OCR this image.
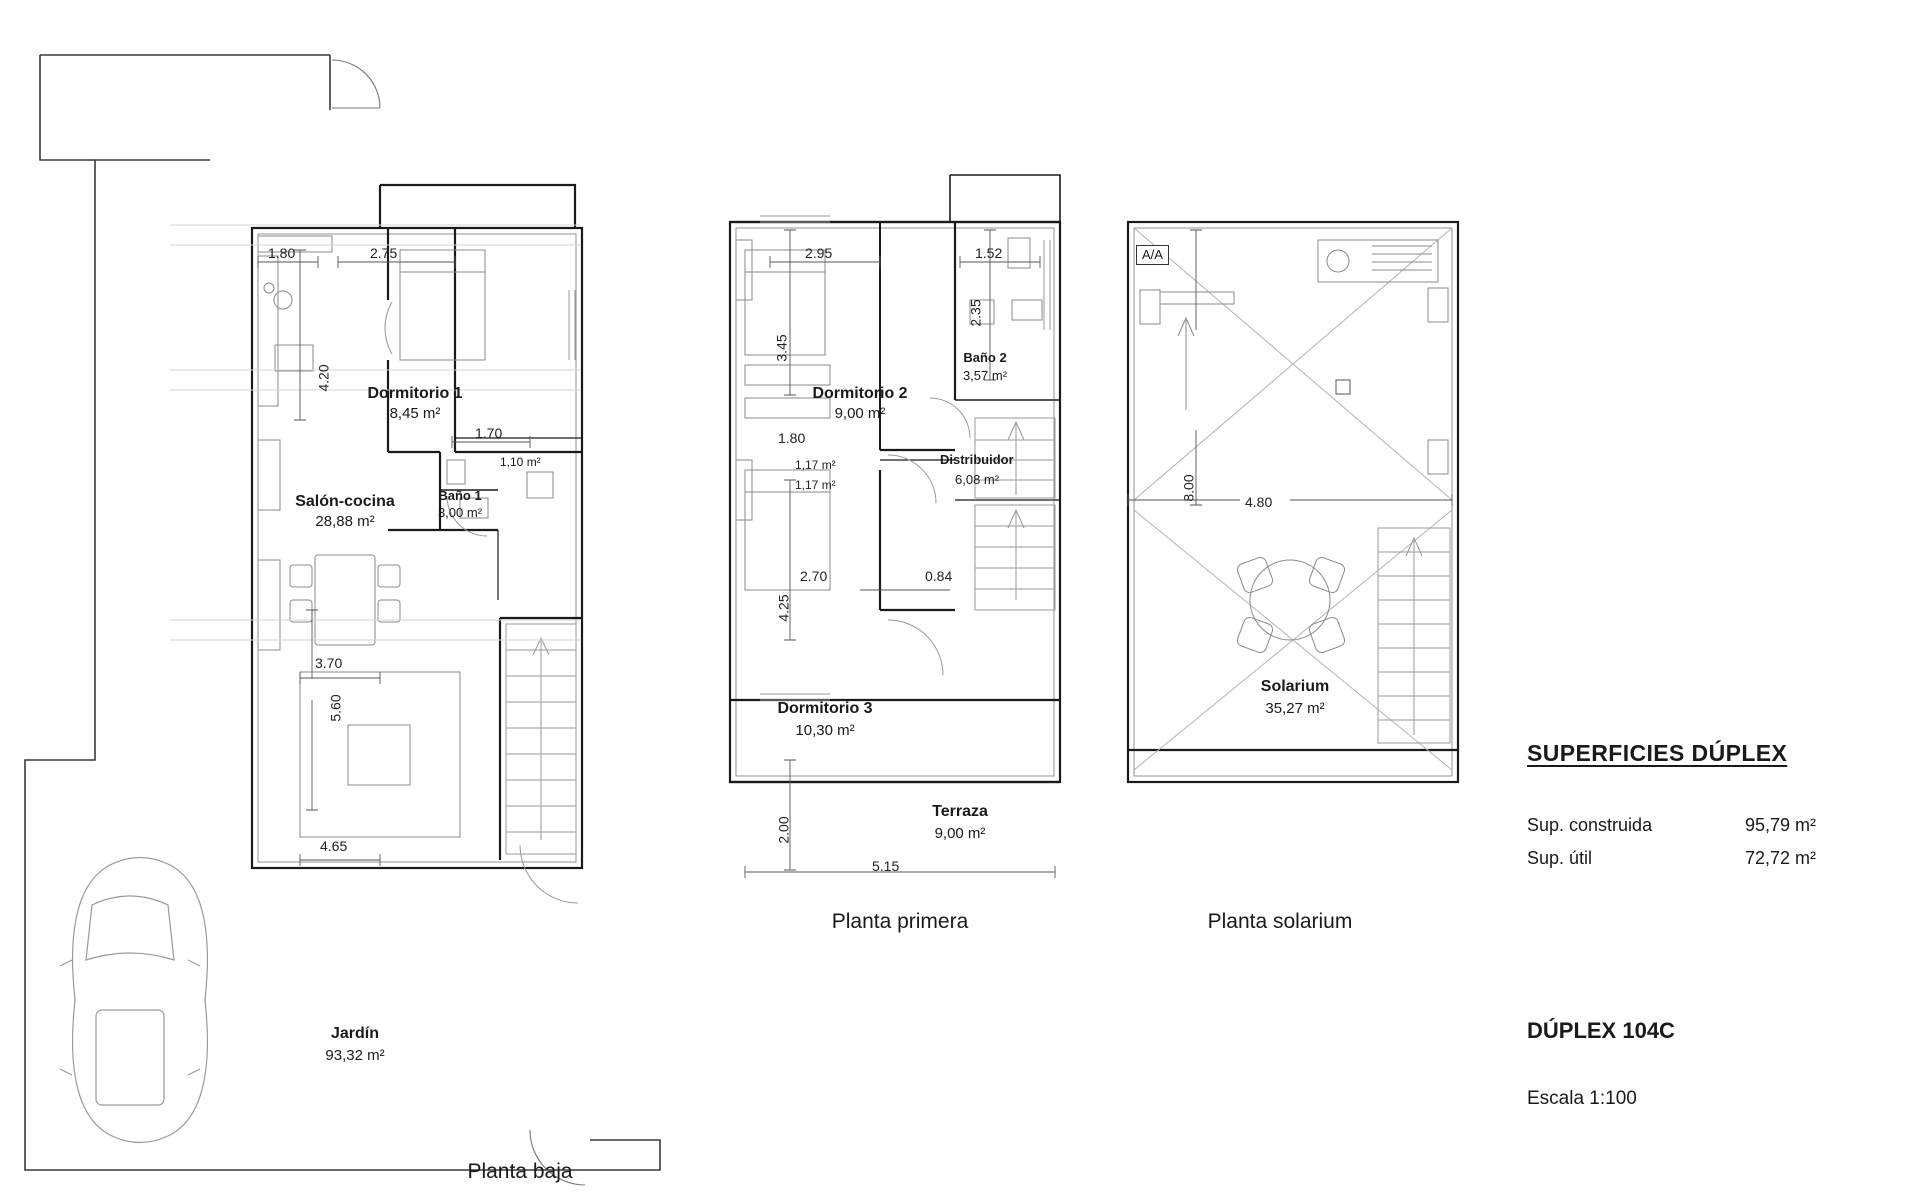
Dormitorio 1
8,45 m²
Baño 1
3,00 m²
Salón-cocina
28,88 m²
1,10 m²
Jardín
93,32 m²
1.80	2.75
4.20
1.70
3.70
5.60
4.65
Planta baja
Dormitorio 2
9,00 m²
Baño 2
3,57 m²
Distribuidor
6,08 m²
Dormitorio 3
10,30 m²
Terraza
9,00 m²
2.95	1.52
2.35
3.45
1.80
1,17 m²
1,17 m²
2.70	0.84
4.25
2.00
5.15
Planta primera
A/A
Solarium
35,27 m²
8.00
4.80
Planta solarium
SUPERFICIES DÚPLEX
Sup. construida	95,79 m²
Sup. útil	72,72 m²
DÚPLEX 104C
Escala 1:100
